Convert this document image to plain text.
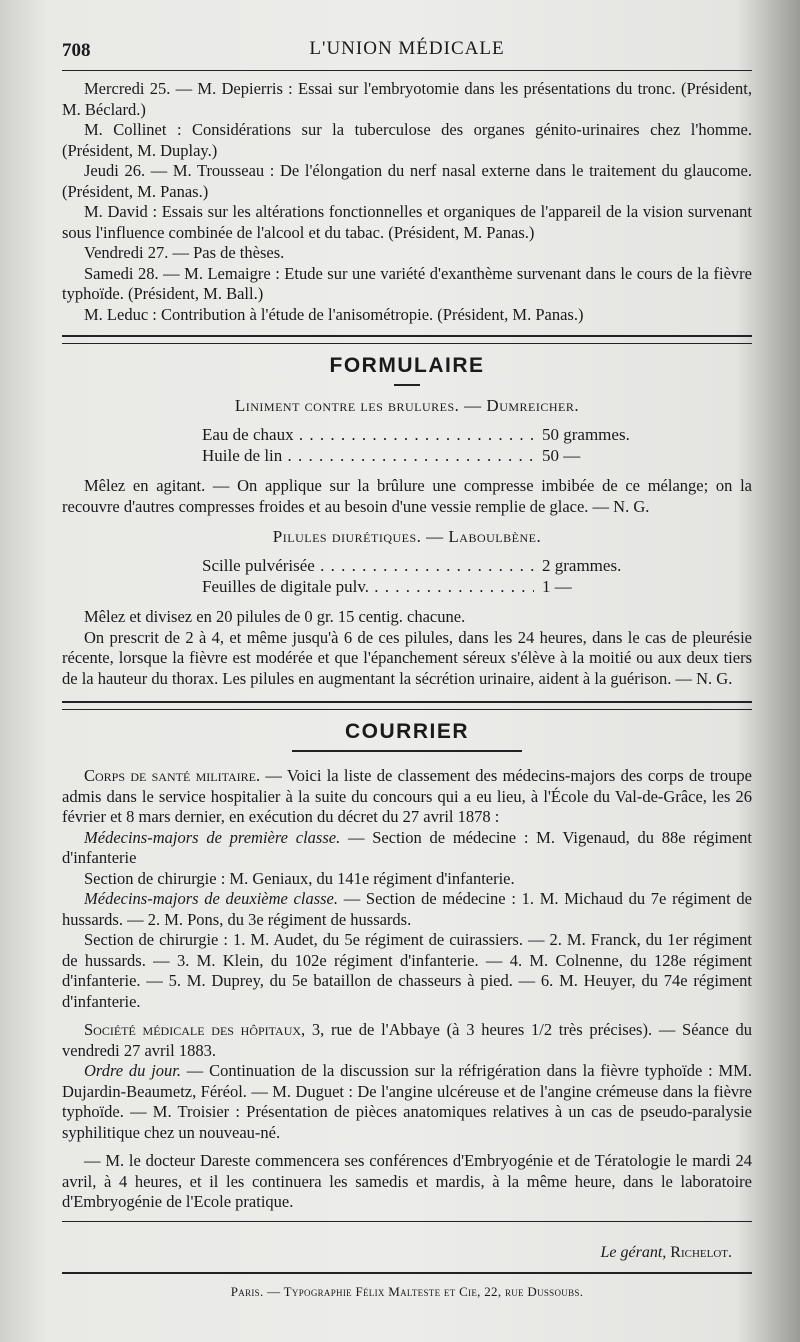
708	L'UNION MÉDICALE

Mercredi 25. — M. Depierris : Essai sur l'embryotomie dans les présentations du tronc. (Président, M. Béclard.)

M. Collinet : Considérations sur la tuberculose des organes génito-urinaires chez l'homme. (Président, M. Duplay.)

Jeudi 26. — M. Trousseau : De l'élongation du nerf nasal externe dans le traitement du glaucome. (Président, M. Panas.)

M. David : Essais sur les altérations fonctionnelles et organiques de l'appareil de la vision survenant sous l'influence combinée de l'alcool et du tabac. (Président, M. Panas.)

Vendredi 27. — Pas de thèses.

Samedi 28. — M. Lemaigre : Etude sur une variété d'exanthème survenant dans le cours de la fièvre typhoïde. (Président, M. Ball.)

M. Leduc : Contribution à l'étude de l'anisométropie. (Président, M. Panas.)

FORMULAIRE
Liniment contre les brulures. — Dumreicher.
Eau de chaux . . .	50 grammes.
Huile de lin . . .	50 —

Mêlez en agitant. — On applique sur la brûlure une compresse imbibée de ce mélange; on la recouvre d'autres compresses froides et au besoin d'une vessie remplie de glace. — N. G.

Pilules diurétiques. — Laboulbène.
Scille pulvérisée . . .	2 grammes.
Feuilles de digitale pulv. . . .	1 —

Mêlez et divisez en 20 pilules de 0 gr. 15 centig. chacune.

On prescrit de 2 à 4, et même jusqu'à 6 de ces pilules, dans les 24 heures, dans le cas de pleurésie récente, lorsque la fièvre est modérée et que l'épanchement séreux s'élève à la moitié ou aux deux tiers de la hauteur du thorax. Les pilules en augmentant la sécrétion urinaire, aident à la guérison. — N. G.

COURRIER

Corps de santé militaire. — Voici la liste de classement des médecins-majors des corps de troupe admis dans le service hospitalier à la suite du concours qui a eu lieu, à l'École du Val-de-Grâce, les 26 février et 8 mars dernier, en exécution du décret du 27 avril 1878 :

Médecins-majors de première classe. — Section de médecine : M. Vigenaud, du 88e régiment d'infanterie

Section de chirurgie : M. Geniaux, du 141e régiment d'infanterie.

Médecins-majors de deuxième classe. — Section de médecine : 1. M. Michaud du 7e régiment de hussards. — 2. M. Pons, du 3e régiment de hussards.

Section de chirurgie : 1. M. Audet, du 5e régiment de cuirassiers. — 2. M. Franck, du 1er régiment de hussards. — 3. M. Klein, du 102e régiment d'infanterie. — 4. M. Colnenne, du 128e régiment d'infanterie. — 5. M. Duprey, du 5e bataillon de chasseurs à pied. — 6. M. Heuyer, du 74e régiment d'infanterie.

Société médicale des hôpitaux, 3, rue de l'Abbaye (à 3 heures 1/2 très précises). — Séance du vendredi 27 avril 1883.

Ordre du jour. — Continuation de la discussion sur la réfrigération dans la fièvre typhoïde : MM. Dujardin-Beaumetz, Féréol. — M. Duguet : De l'angine ulcéreuse et de l'angine crémeuse dans la fièvre typhoïde. — M. Troisier : Présentation de pièces anatomiques relatives à un cas de pseudo-paralysie syphilitique chez un nouveau-né.

— M. le docteur Dareste commencera ses conférences d'Embryogénie et de Tératologie le mardi 24 avril, à 4 heures, et il les continuera les samedis et mardis, à la même heure, dans le laboratoire d'Embryogénie de l'Ecole pratique.

Le gérant, Richelot.
Paris. — Typographie Félix Malteste et Cie, 22, rue Dussoubs.
